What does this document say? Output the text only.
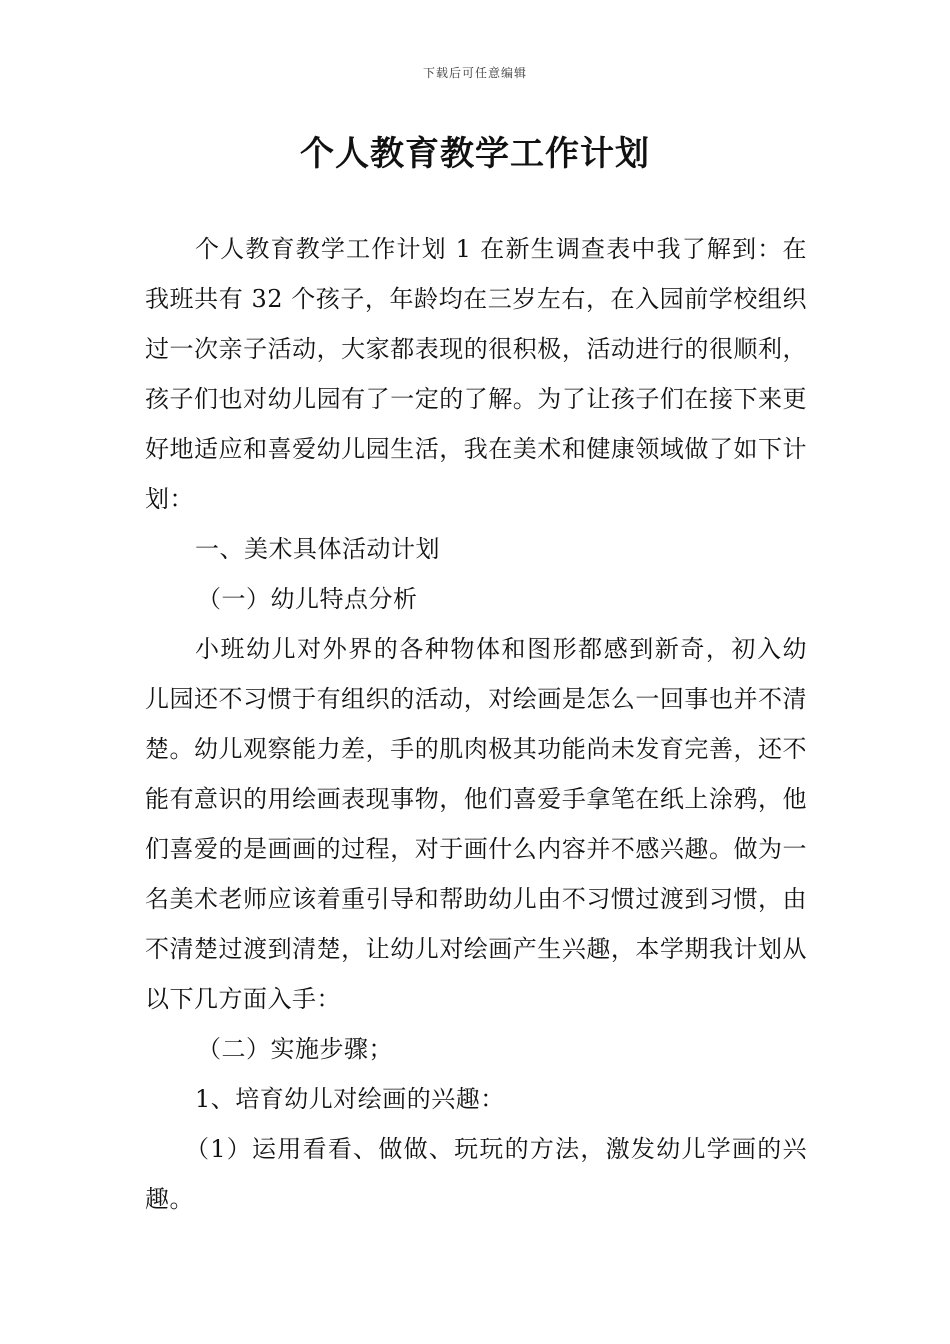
下载后可任意编辑
个人教育教学工作计划

个人教育教学工作计划 1 在新生调查表中我了解到：在我班共有 32 个孩子，年龄均在三岁左右，在入园前学校组织过一次亲子活动，大家都表现的很积极，活动进行的很顺利，孩子们也对幼儿园有了一定的了解。为了让孩子们在接下来更好地适应和喜爱幼儿园生活，我在美术和健康领域做了如下计划：

一、美术具体活动计划

（一）幼儿特点分析

小班幼儿对外界的各种物体和图形都感到新奇，初入幼儿园还不习惯于有组织的活动，对绘画是怎么一回事也并不清楚。幼儿观察能力差，手的肌肉极其功能尚未发育完善，还不能有意识的用绘画表现事物，他们喜爱手拿笔在纸上涂鸦，他们喜爱的是画画的过程，对于画什么内容并不感兴趣。做为一名美术老师应该着重引导和帮助幼儿由不习惯过渡到习惯，由不清楚过渡到清楚，让幼儿对绘画产生兴趣，本学期我计划从以下几方面入手：

（二）实施步骤；

1、培育幼儿对绘画的兴趣：

（1）运用看看、做做、玩玩的方法，激发幼儿学画的兴趣。
